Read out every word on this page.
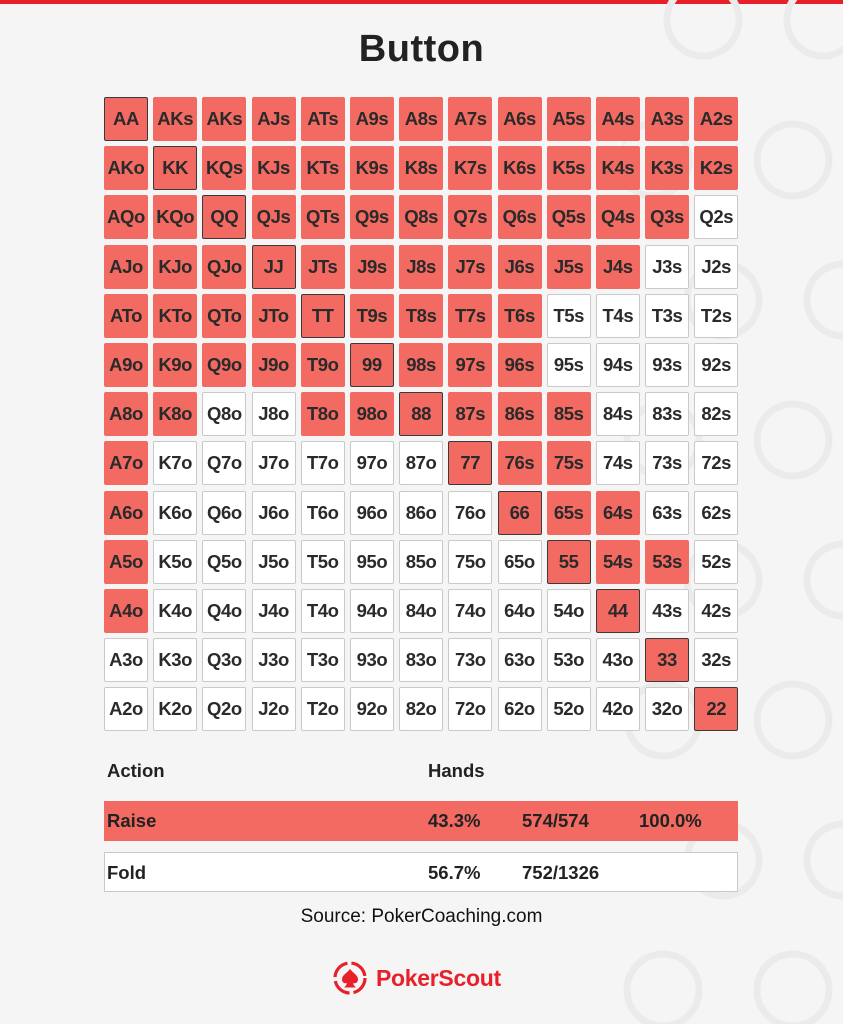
Button
AA AKs AKs AJs ATs A9s A8s A7s A6s A5s A4s A3s A2s
AKo KK KQs KJs KTs K9s K8s K7s K6s K5s K4s K3s K2s
AQo KQo QQ QJs QTs Q9s Q8s Q7s Q6s Q5s Q4s Q3s Q2s
AJo KJo QJo	JJ	JTs	J9s	J8s	J7s	J6s	J5s	J4s	J3s	J2s
ATo KTo QTo JTo	TT	T9s	T8s	T7s	T6s	T5s	T4s	T3s	T2s
A9o K9o Q9o J9o T9o	99	98s	97s	96s	95s	94s	93s	92s
A8o K8o Q8o J8o T8o 98o	88	87s	86s	85s	84s	83s	82s
A7o K7o Q7o J7o T7o 97o	87o	77	76s	75s	74s	73s	72s
A6o K6o Q6o J6o T6o 96o	86o	76o	66	65s	64s	63s	62s
A5o K5o Q5o J5o T5o 95o	85o	75o	65o	55	54s	53s	52s
A4o K4o Q4o J4o T4o 94o	84o	74o	64o	54o	44	43s	42s
A3o K3o Q3o J3o T3o 93o	83o	73o	63o	53o	43o	33	32s
A2o K2o Q2o J2o T2o 92o	82o	72o	62o	52o	42o	32o	22
Action	Hands
Raise	43.3% 574/574	100.0%
Fold	56.7% 752/1326
Source: PokerCoaching.com
PokerScout
